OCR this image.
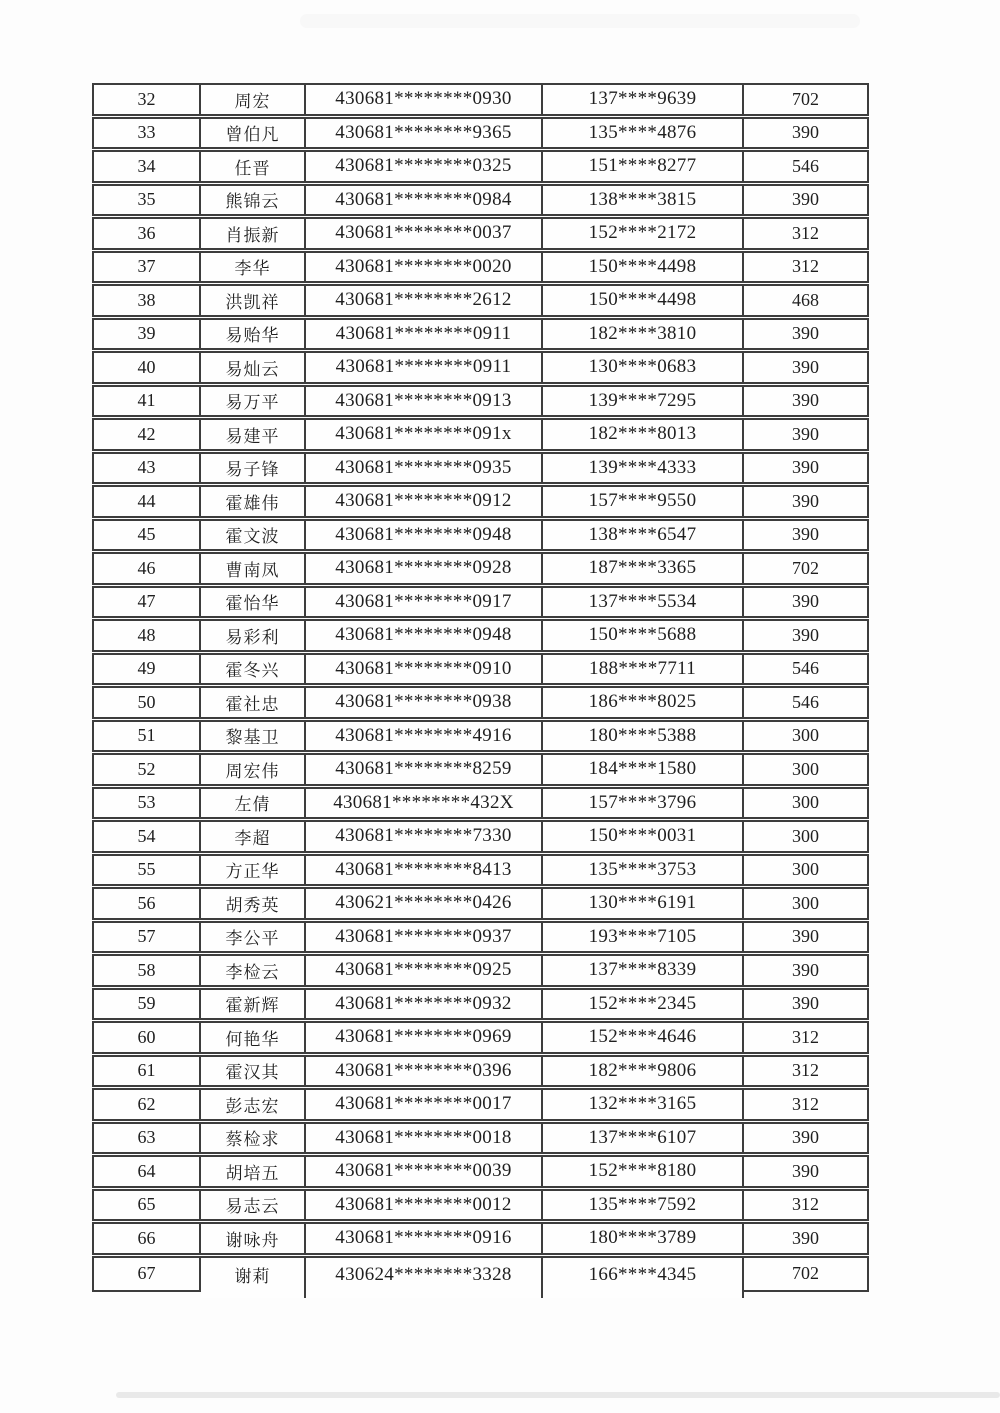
32	周宏	430681********0930	137****9639	702
33	曾伯凡	430681********9365	135****4876	390
34	任晋	430681********0325	151****8277	546
35	熊锦云	430681********0984	138****3815	390
36	肖振新	430681********0037	152****2172	312
37	李华	430681********0020	150****4498	312
38	洪凯祥	430681********2612	150****4498	468
39	易贻华	430681********0911	182****3810	390
40	易灿云	430681********0911	130****0683	390
41	易万平	430681********0913	139****7295	390
42	易建平	430681********091x	182****8013	390
43	易子锋	430681********0935	139****4333	390
44	霍雄伟	430681********0912	157****9550	390
45	霍文波	430681********0948	138****6547	390
46	曹南凤	430681********0928	187****3365	702
47	霍怡华	430681********0917	137****5534	390
48	易彩利	430681********0948	150****5688	390
49	霍冬兴	430681********0910	188****7711	546
50	霍社忠	430681********0938	186****8025	546
51	黎基卫	430681********4916	180****5388	300
52	周宏伟	430681********8259	184****1580	300
53	左倩	430681********432X	157****3796	300
54	李超	430681********7330	150****0031	300
55	方正华	430681********8413	135****3753	300
56	胡秀英	430621********0426	130****6191	300
57	李公平	430681********0937	193****7105	390
58	李检云	430681********0925	137****8339	390
59	霍新辉	430681********0932	152****2345	390
60	何艳华	430681********0969	152****4646	312
61	霍汉其	430681********0396	182****9806	312
62	彭志宏	430681********0017	132****3165	312
63	蔡检求	430681********0018	137****6107	390
64	胡培五	430681********0039	152****8180	390
65	易志云	430681********0012	135****7592	312
66	谢咏舟	430681********0916	180****3789	390
67	谢莉	430624********3328	166****4345	702
